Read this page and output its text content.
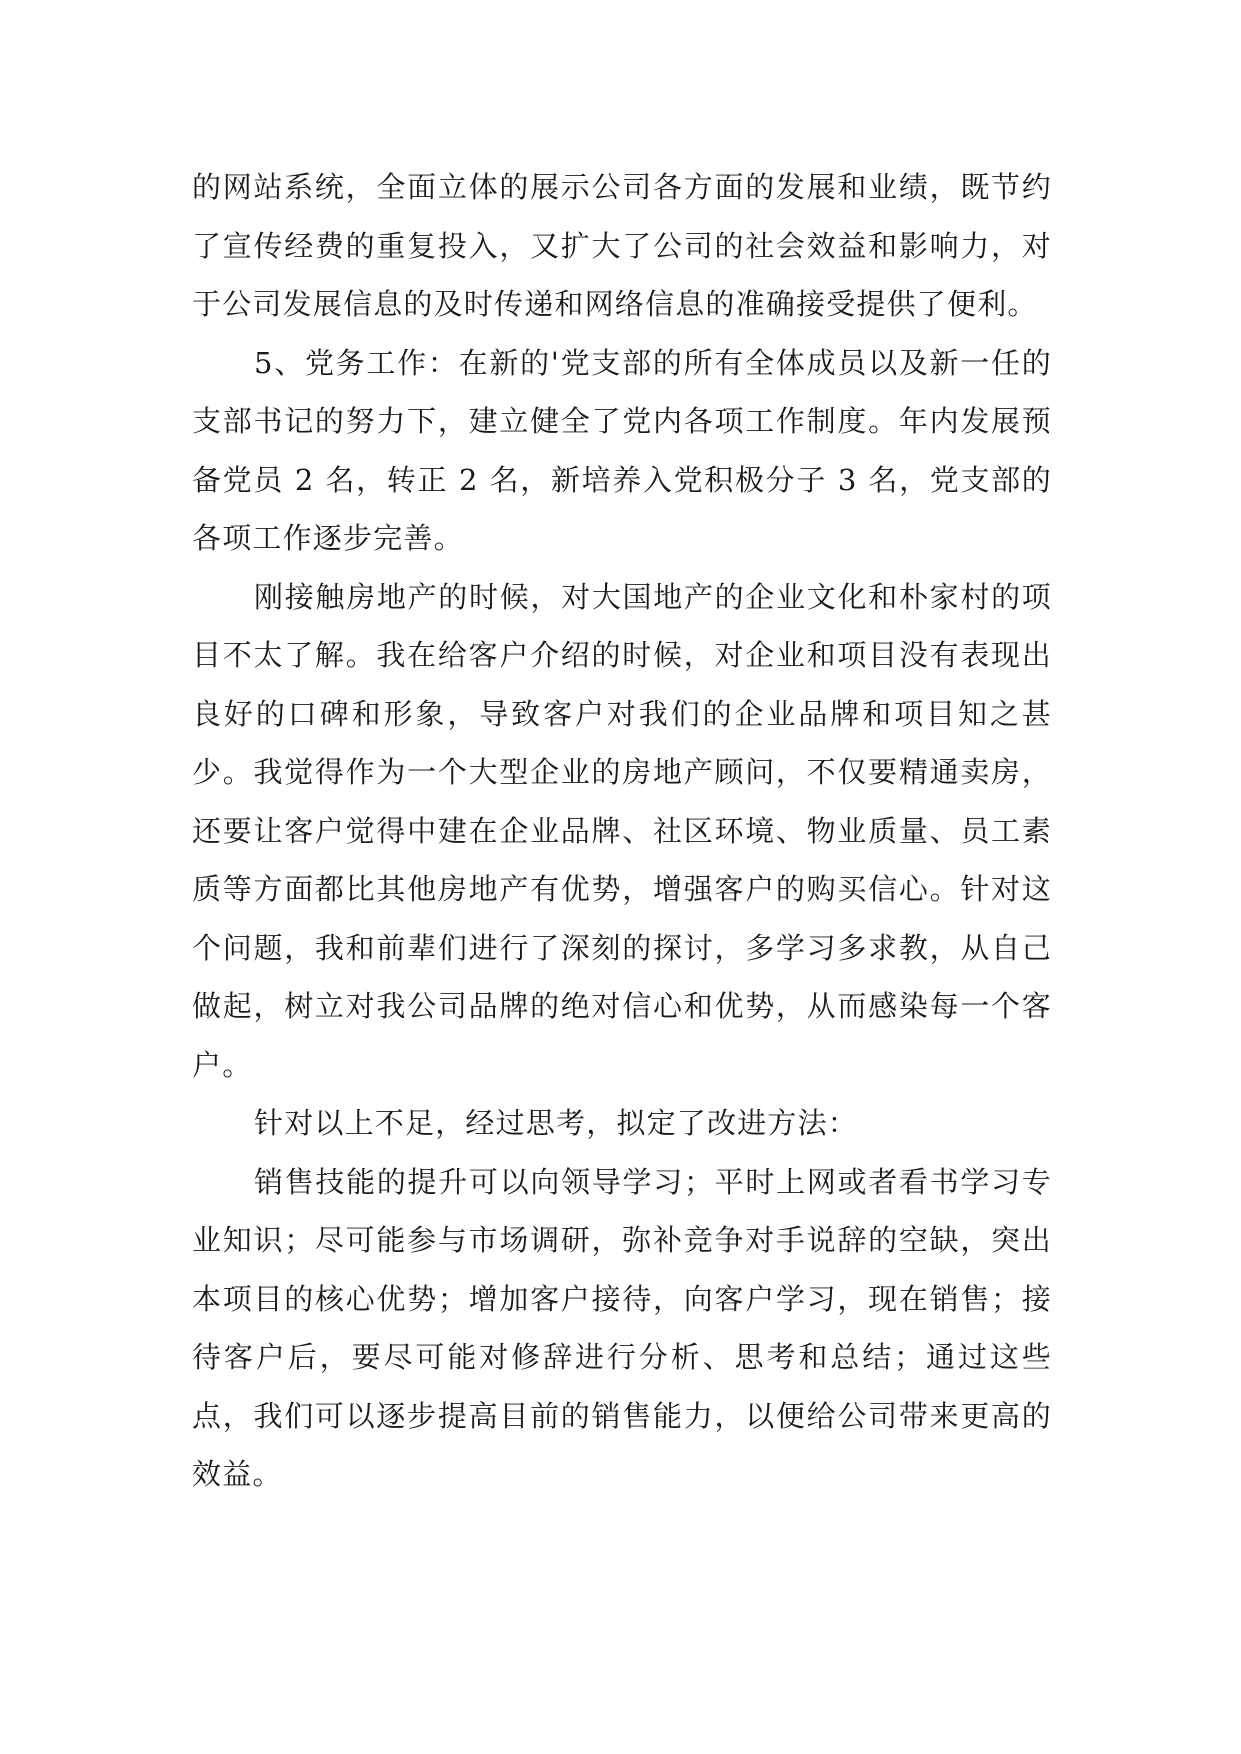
的网站系统，全面立体的展示公司各方面的发展和业绩，既节约了宣传经费的重复投入，又扩大了公司的社会效益和影响力，对于公司发展信息的及时传递和网络信息的准确接受提供了便利。

5、党务工作：在新的'党支部的所有全体成员以及新一任的支部书记的努力下，建立健全了党内各项工作制度。年内发展预备党员 2 名，转正 2 名，新培养入党积极分子 3 名，党支部的各项工作逐步完善。

刚接触房地产的时候，对大国地产的企业文化和朴家村的项目不太了解。我在给客户介绍的时候，对企业和项目没有表现出良好的口碑和形象，导致客户对我们的企业品牌和项目知之甚少。我觉得作为一个大型企业的房地产顾问，不仅要精通卖房，还要让客户觉得中建在企业品牌、社区环境、物业质量、员工素质等方面都比其他房地产有优势，增强客户的购买信心。针对这个问题，我和前辈们进行了深刻的探讨，多学习多求教，从自己做起，树立对我公司品牌的绝对信心和优势，从而感染每一个客户。

针对以上不足，经过思考，拟定了改进方法：

销售技能的提升可以向领导学习；平时上网或者看书学习专业知识；尽可能参与市场调研，弥补竞争对手说辞的空缺，突出本项目的核心优势；增加客户接待，向客户学习，现在销售；接待客户后，要尽可能对修辞进行分析、思考和总结；通过这些点，我们可以逐步提高目前的销售能力，以便给公司带来更高的效益。
